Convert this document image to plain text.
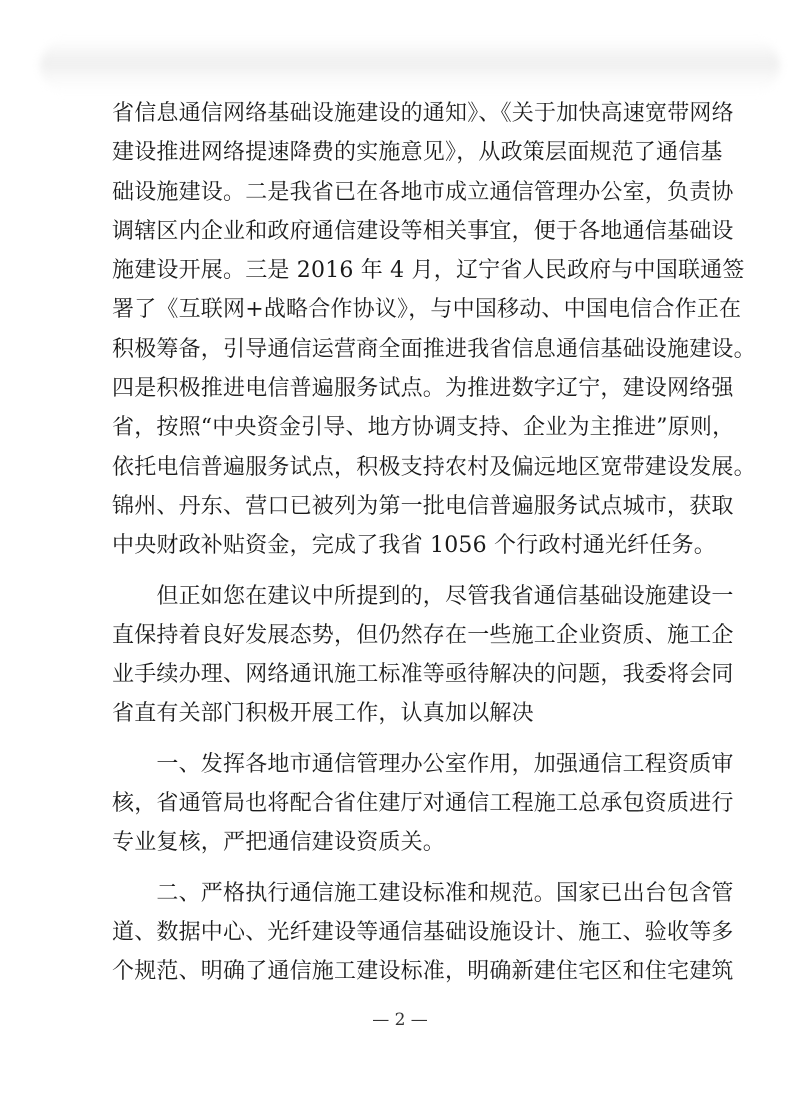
省信息通信网络基础设施建设的通知》、《关于加快高速宽带网络
建设推进网络提速降费的实施意见》，从政策层面规范了通信基
础设施建设。二是我省已在各地市成立通信管理办公室，负责协
调辖区内企业和政府通信建设等相关事宜，便于各地通信基础设
施建设开展。三是 2016 年 4 月，辽宁省人民政府与中国联通签
署了《互联网+战略合作协议》，与中国移动、中国电信合作正在
积极筹备，引导通信运营商全面推进我省信息通信基础设施建设。
四是积极推进电信普遍服务试点。为推进数字辽宁，建设网络强
省，按照“中央资金引导、地方协调支持、企业为主推进”原则，
依托电信普遍服务试点，积极支持农村及偏远地区宽带建设发展。
锦州、丹东、营口已被列为第一批电信普遍服务试点城市，获取
中央财政补贴资金，完成了我省 1056 个行政村通光纤任务。
　　但正如您在建议中所提到的，尽管我省通信基础设施建设一
直保持着良好发展态势，但仍然存在一些施工企业资质、施工企
业手续办理、网络通讯施工标准等亟待解决的问题，我委将会同
省直有关部门积极开展工作，认真加以解决
　　一、发挥各地市通信管理办公室作用，加强通信工程资质审
核，省通管局也将配合省住建厅对通信工程施工总承包资质进行
专业复核，严把通信建设资质关。
　　二、严格执行通信施工建设标准和规范。国家已出台包含管
道、数据中心、光纤建设等通信基础设施设计、施工、验收等多
个规范、明确了通信施工建设标准，明确新建住宅区和住宅建筑
— 2 —
